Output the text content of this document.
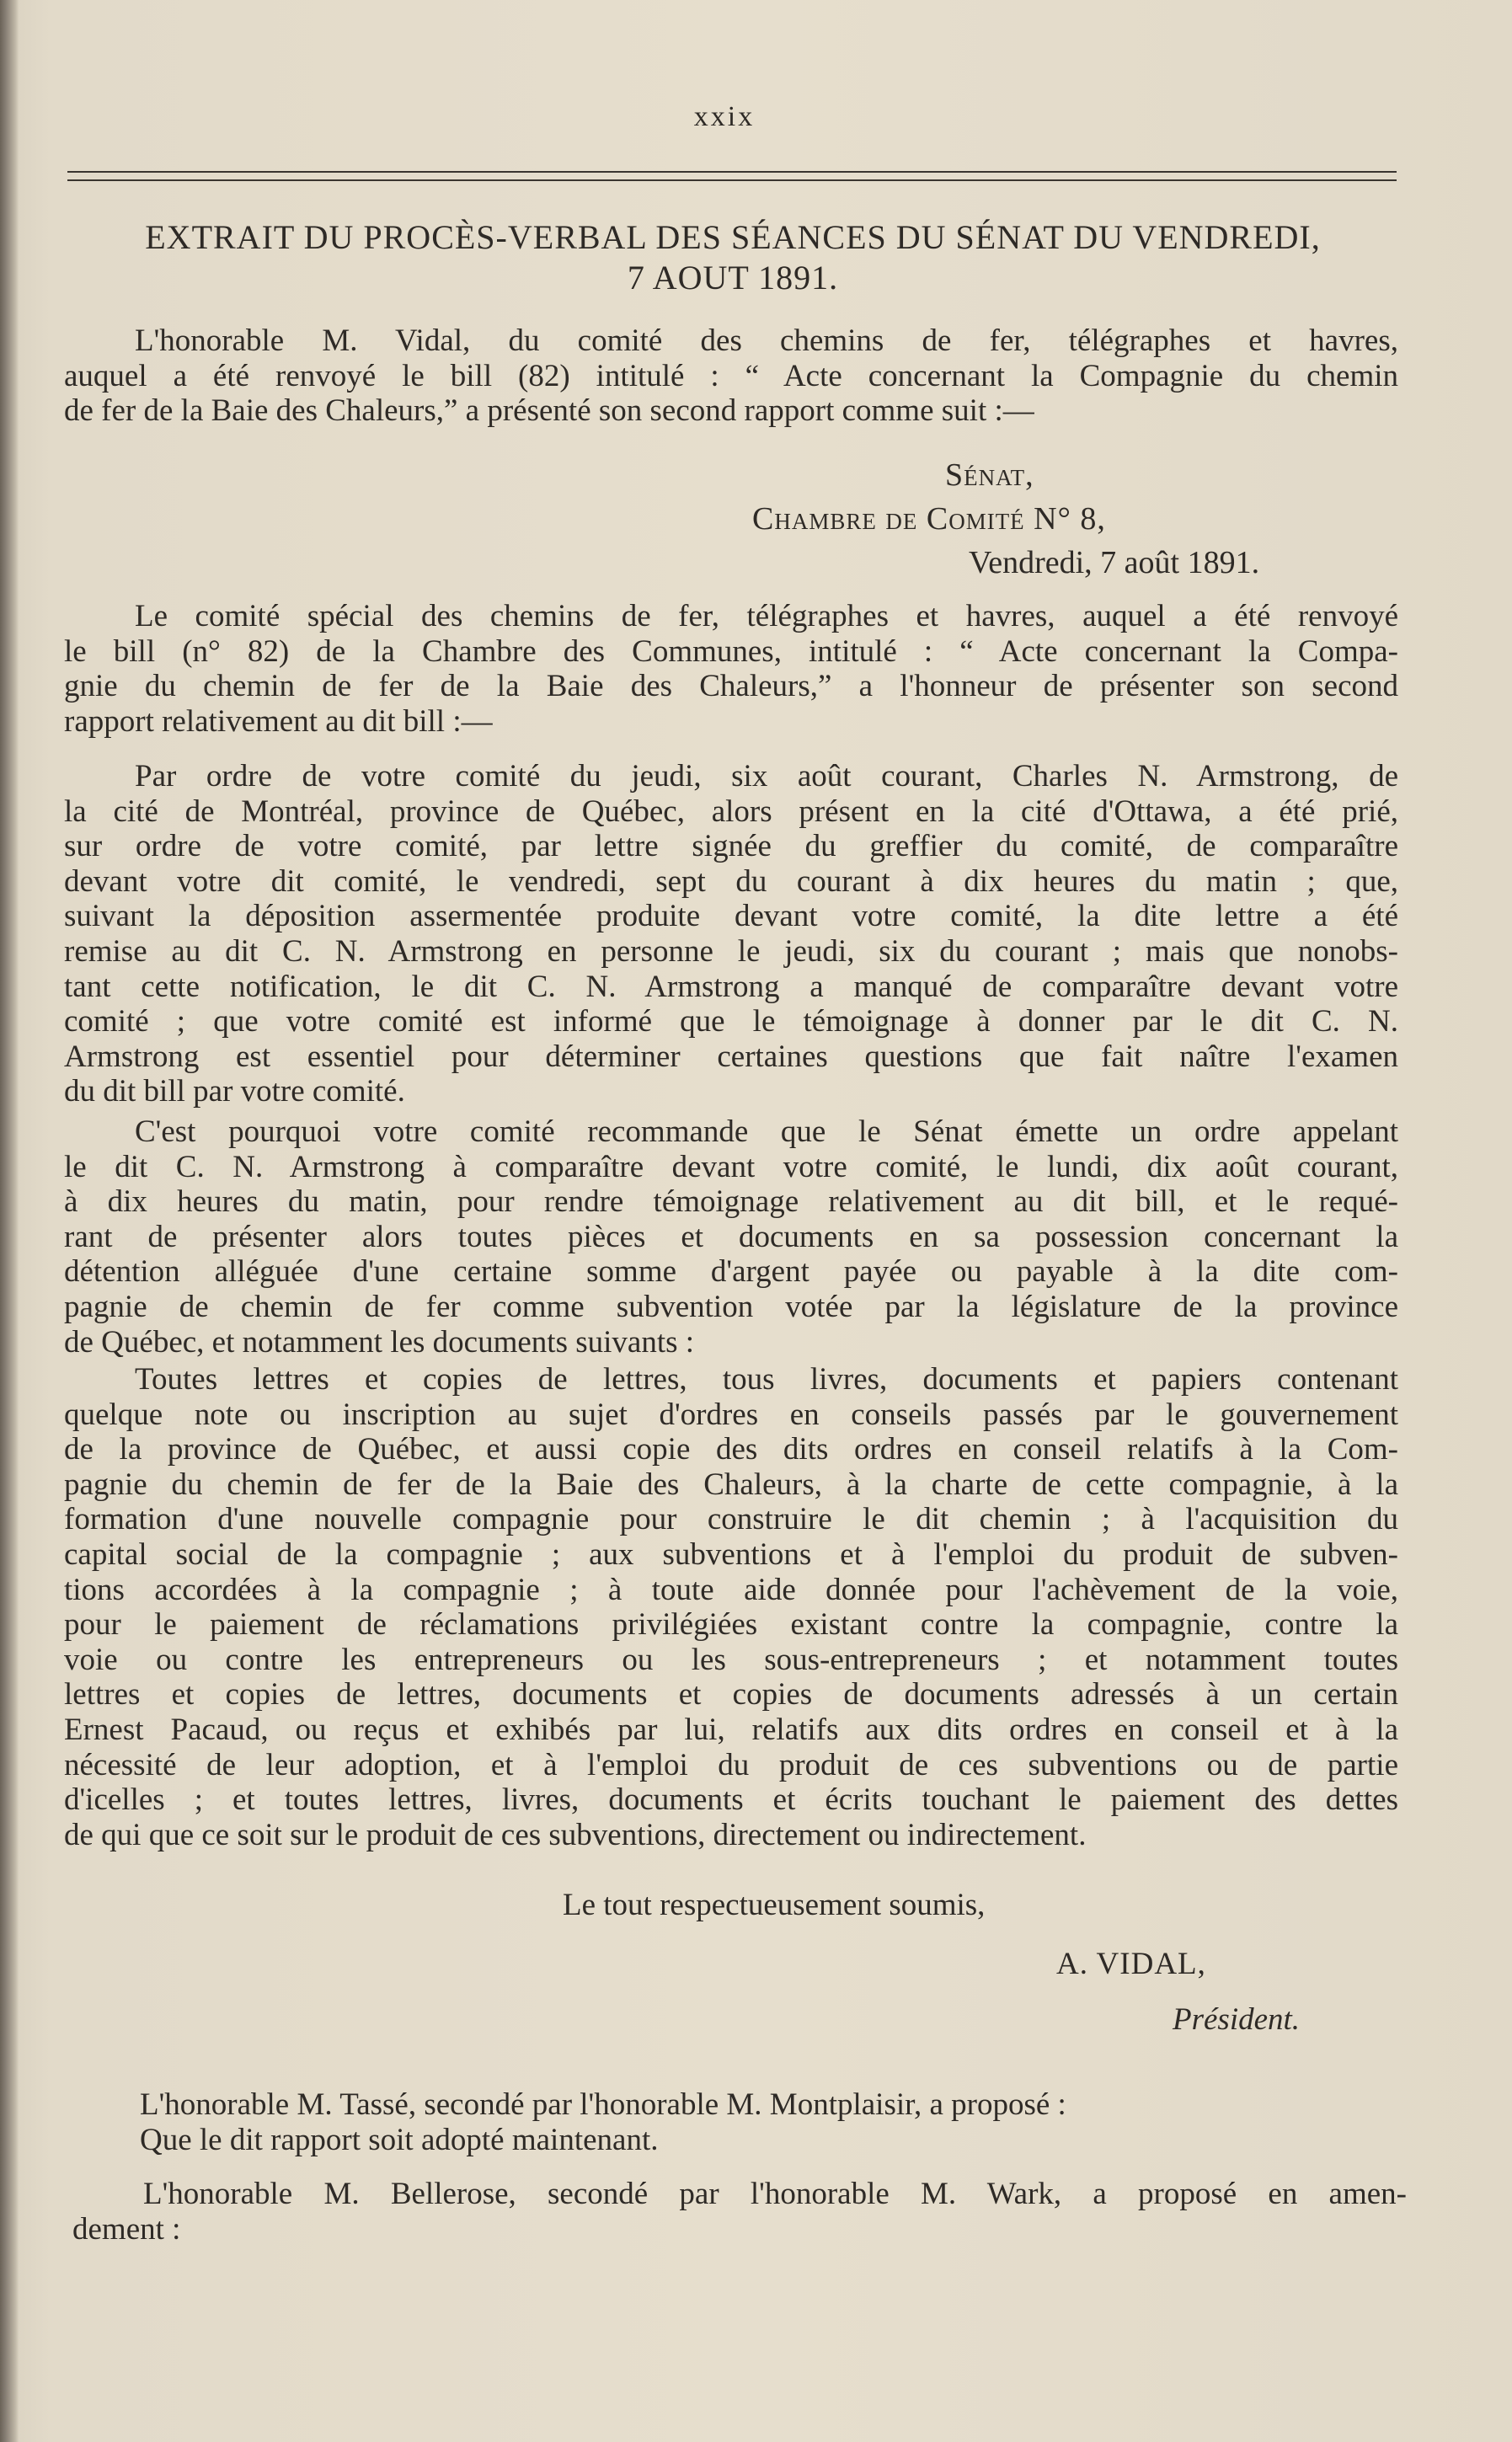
xxix
EXTRAIT DU PROCÈS-VERBAL DES SÉANCES DU SÉNAT DU VENDREDI,
7 AOUT 1891.
L'honorable M. Vidal, du comité des chemins de fer, télégraphes et havres,
auquel a été renvoyé le bill (82) intitulé : “ Acte concernant la Compagnie du chemin
de fer de la Baie des Chaleurs,” a présenté son second rapport comme suit :—
Sénat,
Chambre de Comité N° 8,
Vendredi, 7 août 1891.
Le comité spécial des chemins de fer, télégraphes et havres, auquel a été renvoyé
le bill (n° 82) de la Chambre des Communes, intitulé : “ Acte concernant la Compa-
gnie du chemin de fer de la Baie des Chaleurs,” a l'honneur de présenter son second
rapport relativement au dit bill :—
Par ordre de votre comité du jeudi, six août courant, Charles N. Armstrong, de
la cité de Montréal, province de Québec, alors présent en la cité d'Ottawa, a été prié,
sur ordre de votre comité, par lettre signée du greffier du comité, de comparaître
devant votre dit comité, le vendredi, sept du courant à dix heures du matin ; que,
suivant la déposition assermentée produite devant votre comité, la dite lettre a été
remise au dit C. N. Armstrong en personne le jeudi, six du courant ; mais que nonobs-
tant cette notification, le dit C. N. Armstrong a manqué de comparaître devant votre
comité ; que votre comité est informé que le témoignage à donner par le dit C. N.
Armstrong est essentiel pour déterminer certaines questions que fait naître l'examen
du dit bill par votre comité.
C'est pourquoi votre comité recommande que le Sénat émette un ordre appelant
le dit C. N. Armstrong à comparaître devant votre comité, le lundi, dix août courant,
à dix heures du matin, pour rendre témoignage relativement au dit bill, et le requé-
rant de présenter alors toutes pièces et documents en sa possession concernant la
détention alléguée d'une certaine somme d'argent payée ou payable à la dite com-
pagnie de chemin de fer comme subvention votée par la législature de la province
de Québec, et notamment les documents suivants :
Toutes lettres et copies de lettres, tous livres, documents et papiers contenant
quelque note ou inscription au sujet d'ordres en conseils passés par le gouvernement
de la province de Québec, et aussi copie des dits ordres en conseil relatifs à la Com-
pagnie du chemin de fer de la Baie des Chaleurs, à la charte de cette compagnie, à la
formation d'une nouvelle compagnie pour construire le dit chemin ; à l'acquisition du
capital social de la compagnie ; aux subventions et à l'emploi du produit de subven-
tions accordées à la compagnie ; à toute aide donnée pour l'achèvement de la voie,
pour le paiement de réclamations privilégiées existant contre la compagnie, contre la
voie ou contre les entrepreneurs ou les sous-entrepreneurs ; et notamment toutes
lettres et copies de lettres, documents et copies de documents adressés à un certain
Ernest Pacaud, ou reçus et exhibés par lui, relatifs aux dits ordres en conseil et à la
nécessité de leur adoption, et à l'emploi du produit de ces subventions ou de partie
d'icelles ; et toutes lettres, livres, documents et écrits touchant le paiement des dettes
de qui que ce soit sur le produit de ces subventions, directement ou indirectement.
Le tout respectueusement soumis,
A. VIDAL,
Président.
L'honorable M. Tassé, secondé par l'honorable M. Montplaisir, a proposé :
Que le dit rapport soit adopté maintenant.
L'honorable M. Bellerose, secondé par l'honorable M. Wark, a proposé en amen-
dement :
